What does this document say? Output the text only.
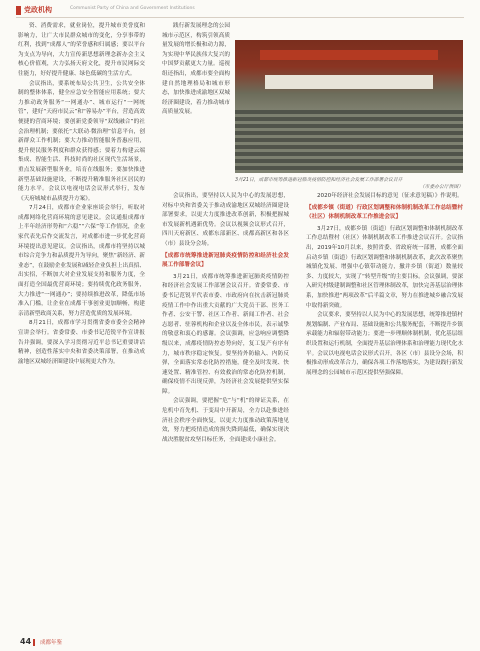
党政机构	Communist Party of China and Government Institutions

资、消费需求，就业岗位，提升城市美誉度和影响力，让广大市民群众城市的变化，分享事带的红利，找到“成都人”的荣誉感和归属感；要以平台为支点为导向，大力宣传新思想新理念新办会主义核心价值观，大力弘扬天府文化，提升市民网际交往能力，好好提升健康、绿色低碳的生活方式。

会议指出，要系统布局公共卫生，公共安全体制的整体体系，健全应急安全智能应用系统；要大力推动政务服务“一网通办”、城市运行“一网统管”，建好“天府市民云”和“蓉易办”平台，营造高效便捷的营商环境；要创新党委领导“双线融合”的社会治理机制；要依托“大联动·微治理”信息平台，创新群众工作机制；要大力推动智能服务普惠应用，提升便民服务利度和群众获得感；要着力构建云端集成、智能生活、科技时尚的社区现代生活场景，重点发展新型服务业，培育在线服务；要加快推进新型基础设施建设，不断提升精准服务社区居民的能力水平。会议以电视电话会议形式举行，发布《天府城城市品质提升方案》。

7月24日，成都市企业家座谈会举行，听取对成都网络化营商环境的意见建议。会议通报成都市上半年经济形势和“六稳”“六保”等工作情况，企业家代表先后作交流发言，对成都市进一步优化营商环境提出意见建议。会议指出，成都市将坚持以城市综合竞争力和品质提升为导向，聚焦“新经济、新业态”，在鼓励企业发展和减轻企业负担上出真招、出实招，不断加大对企业发展支持和服务力度，全面打造全国最优营商环境；要持续优化政务服务，大力推进“一网通办”；要持续推进改革，降低市场准入门槛，让企业在成都干事创业更加顺畅，构建亲清新型政商关系，努力营造优质的发展环境。

8月21日，成都市学习贯彻省委市委全会精神宣讲会举行。省委常委、市委书记范锐平作宣讲报告并强调，要深入学习贯彻习近平总书记重要讲话精神，创造性落实中央和省委决策部署，在推动成渝地区双城经济圈建设中展现更大作为。

践行新发展理念的公园城市示范区，构筑引领高质量发展的增长极和动力源，为实现中华民族伟大复兴的中国梦贡献更大力量。巡视组还指出，成都市要全面构建自然地理格局和城市形态，加快推进成渝地区双城经济圈建设，着力推动城市高质量发展。

3月21日，成都市统筹推进新冠肺炎疫情防控和经济社会发展工作部署会议召开
（市委办公厅供图）

会议指出，要坚持以人民为中心的发展思想，对标中央和省委关于推动成渝地区双城经济圈建设部署要求，以更大力度推进改革创新，积极把握城市发展新机遇新优势。会议以视频会议形式召开，四川天府新区、成都东部新区、成都高新区和各区（市）县设分会场。

【成都市统筹推进新冠肺炎疫情防控和经济社会发展工作部署会议】

3月21日，成都市统筹推进新冠肺炎疫情防控和经济社会发展工作部署会议召开。省委常委、市委书记范锐平代表市委、市政府向在抗击新冠肺炎疫情工作中作出重大贡献的广大党员干部、医务工作者、公安干警、社区工作者、新闻工作者、社会志愿者、驻蓉机构和企业以及全体市民，表示诚挚的敬意和衷心的感谢。会议强调，应急响应调整降级以来，成都疫情防控态势向好，复工复产有序有力，城市秩序稳定恢复。要坚持外防输入、内防反弹，全面落实常态化防控措施，健全及时发现、快速处置、精准管控、有效救治的常态化防控机制，确保疫情不出现反弹，为经济社会发展提供坚实保障。

会议强调，要把握“危”与“机”的辩证关系，在危机中育先机、于变局中开新局，全力以赴推进经济社会秩序全面恢复，以更大力度推动政策落地见效，努力把疫情造成的损失降到最低，确保实现决战决胜脱贫攻坚目标任务，全面建成小康社会。

2020年经济社会发展目标的意见（征求意见稿）》作说明。

【成都乡镇（街道）行政区划调整和体制机制改革工作总结暨村（社区）体制机制改革工作推进会议】

3月27日，成都乡镇（街道）行政区划调整和体制机制改革工作总结暨村（社区）体制机制改革工作推进会议召开。会议指出，2019年10月以来，按照省委、省政府统一部署，成都全面启动乡镇（街道）行政区划调整和体制机制改革，此次改革聚焦城镇化发展、增强中心镇带动能力，撤并乡镇（街道）数量较多、力度较大，实现了“转型升级”的主要目标。会议强调，要深入研究村级建制调整和社区管理体制改革，加快完善基层治理体系，加快推进“两项改革”后半篇文章，努力在推进城乡融合发展中取得新突破。

会议要求，要坚持以人民为中心的发展思想，统筹推进镇村规划编制、产业布局、基础设施和公共服务配套，不断提升乡镇承载能力和辐射带动能力；要进一步理顺体制机制，优化基层组织设置和运行机制，全面提升基层治理体系和治理能力现代化水平。会议以电视电话会议形式召开，各区（市）县设分会场，积极推动形成改革合力，确保各项工作落地落实，为建设践行新发展理念的公园城市示范区提供坚强保障。

44 成都年鉴
